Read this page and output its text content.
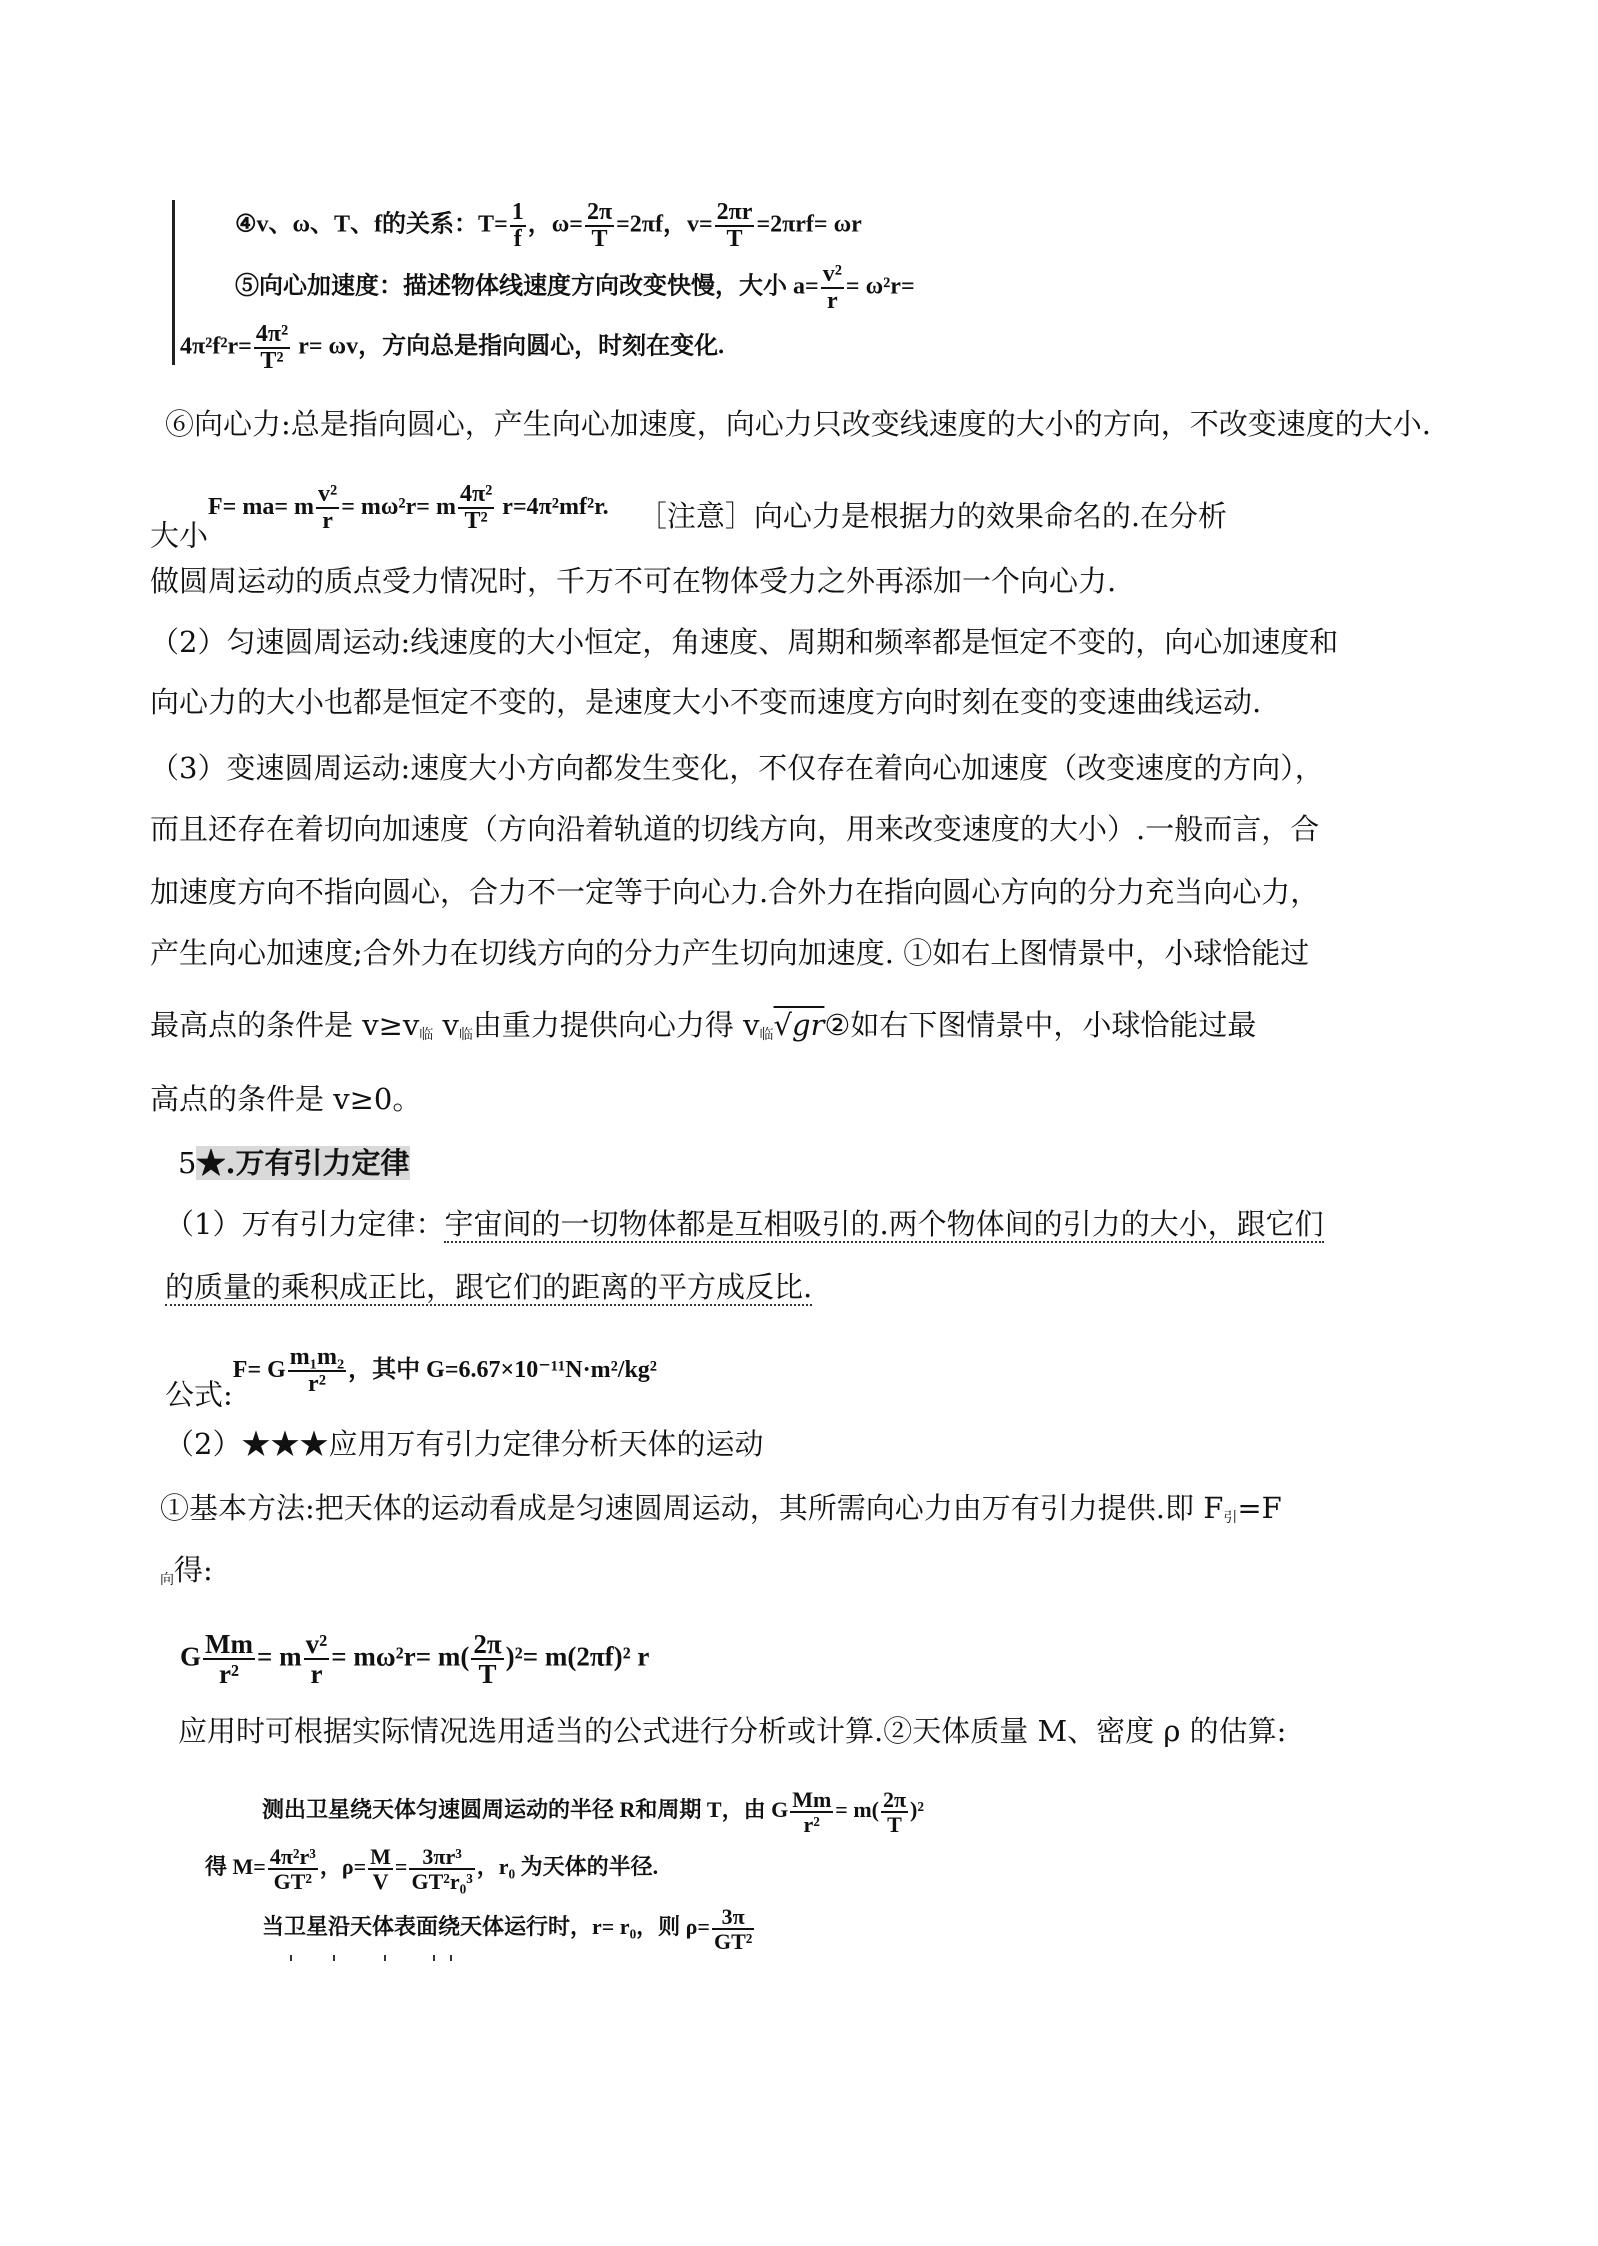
④v、ω、T、f的关系：$T= \frac{1}{f}$ ，$\omega= \frac{2\pi}{T} =2\pi f$，$v= \frac{2\pi r}{T} =2\pi rf= \omega r$
⑤向心加速度：描述物体线速度方向改变快慢，大小 $a= \frac{\text{v²}}{r} = \omega^2r=$
$4\pi^2f^2r= \frac{\text{4π²}}{\text{T²}} r= \omega v$，方向总是指向圆心，时刻在变化.
⑥向心力:总是指向圆心，产生向心加速度，向心力只改变线速度的大小的方向，不改变速度的大小.
大小$^{F= ma= m \frac{\text{v²}}{r} = m\omega^2r= m \frac{\text{4π²}}{\text{T²}} r=4\pi^2mf^2r.}$ ［注意］向心力是根据力的效果命名的.在分析
做圆周运动的质点受力情况时，千万不可在物体受力之外再添加一个向心力.
（2）匀速圆周运动:线速度的大小恒定，角速度、周期和频率都是恒定不变的，向心加速度和
向心力的大小也都是恒定不变的，是速度大小不变而速度方向时刻在变的变速曲线运动.
（3）变速圆周运动:速度大小方向都发生变化，不仅存在着向心加速度（改变速度的方向），
而且还存在着切向加速度（方向沿着轨道的切线方向，用来改变速度的大小）.一般而言，合
加速度方向不指向圆心，合力不一定等于向心力.合外力在指向圆心方向的分力充当向心力，
产生向心加速度;合外力在切线方向的分力产生切向加速度. ①如右上图情景中，小球恰能过
最高点的条件是 $v\ge v_临$ $v_临$由重力提供向心力得 $v_临√gr②$如右下图情景中，小球恰能过最
高点的条件是 v≥0。
5★.万有引力定律
（1）万有引力定律：宇宙间的一切物体都是互相吸引的.两个物体间的引力的大小，跟它们
的质量的乘积成正比，跟它们的距离的平方成反比.
公式:$^{F= G \frac{\text{m₁m₂}}{\text{r²}} ,其中 G=6.67\times 10^{-11}N\cdot m^2/kg^2}$
（2）★★★应用万有引力定律分析天体的运动
①基本方法:把天体的运动看成是匀速圆周运动，其所需向心力由万有引力提供.即 $F_引=F$
$_向$得:
G $\frac{Mm}{\text{r²}} = m \frac{\text{v²}}{r} = m\omega^2r= m( \frac{2\pi}{T} )^2= m(2\pi f)^2$ r
应用时可根据实际情况选用适当的公式进行分析或计算.②天体质量 M、密度 ρ 的估算:
测出卫星绕天体匀速圆周运动的半径 R和周期 T，由 G $\frac{Mm}{\text{r²}} = m( \frac{2\pi}{T} )^2$
得 $M= \frac{\text{4π²r³}}{\text{GT²}}$ ，$\rho= \frac{M}{V} = \frac{\text{3πr³}}{\text{GT²r₀³}}$ ，r₀ 为天体的半径.
当卫星沿天体表面绕天体运行时，r= r₀，则 $\rho= \frac{3\pi}{\text{GT²}}$
